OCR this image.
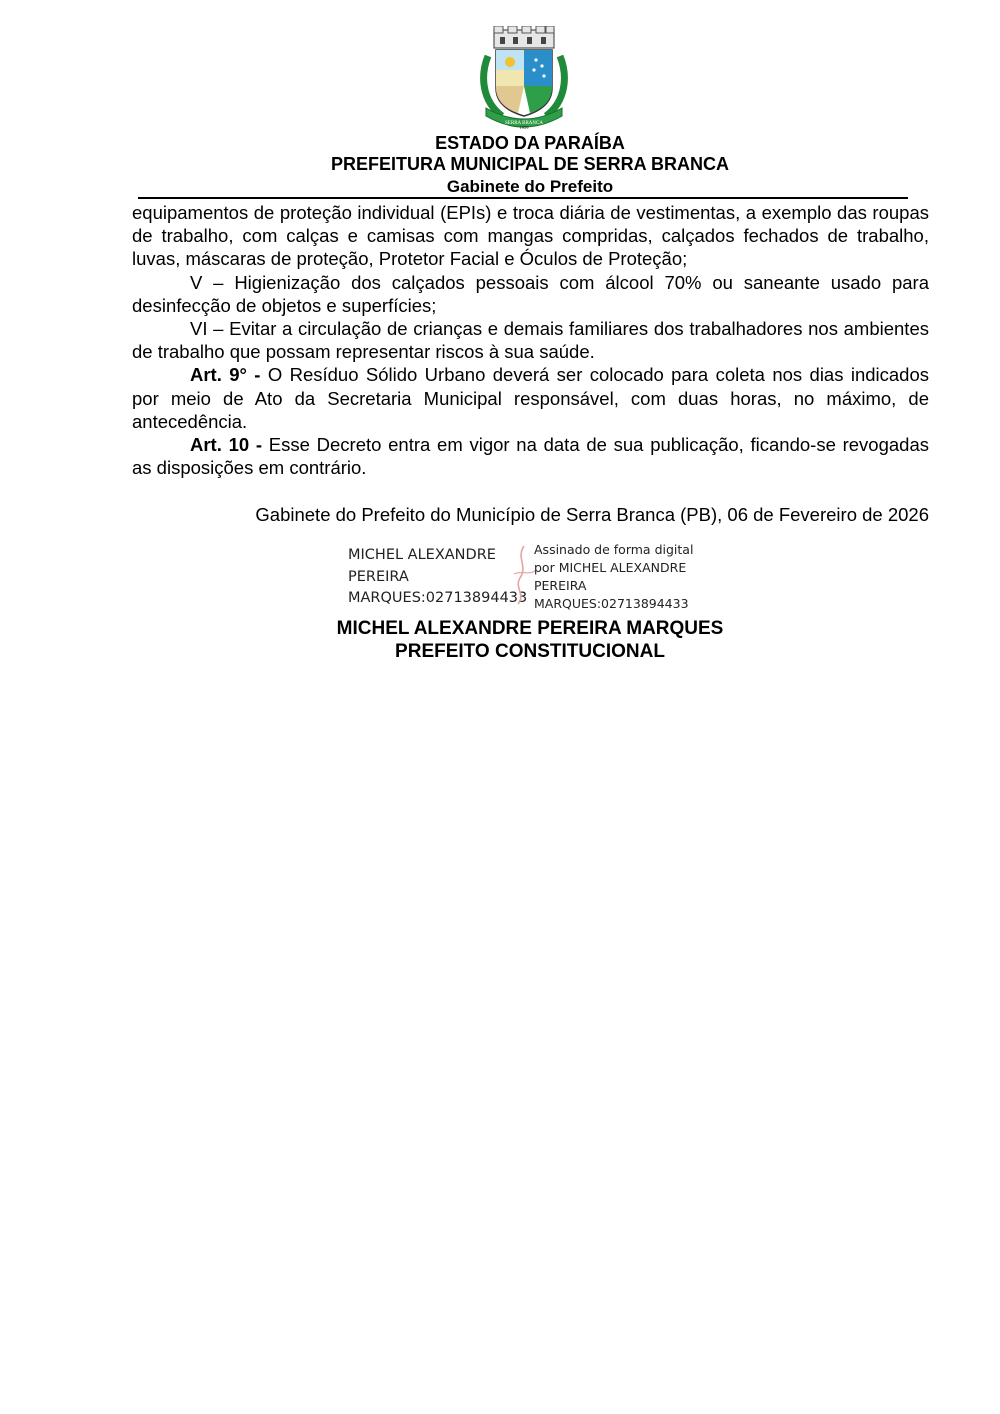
SERRA BRANCA
1959
ESTADO DA PARAÍBA
PREFEITURA MUNICIPAL DE SERRA BRANCA
Gabinete do Prefeito

equipamentos de proteção individual (EPIs) e troca diária de vestimentas, a exemplo das roupas de trabalho, com calças e camisas com mangas compridas, calçados fechados de trabalho, luvas, máscaras de proteção, Protetor Facial e Óculos de Proteção;

V – Higienização dos calçados pessoais com álcool 70% ou saneante usado para desinfecção de objetos e superfícies;

VI – Evitar a circulação de crianças e demais familiares dos trabalhadores nos ambientes de trabalho que possam representar riscos à sua saúde.

Art. 9° - O Resíduo Sólido Urbano deverá ser colocado para coleta nos dias indicados por meio de Ato da Secretaria Municipal responsável, com duas horas, no máximo, de antecedência.

Art. 10 - Esse Decreto entra em vigor na data de sua publicação, ficando-se revogadas as disposições em contrário.

Gabinete do Prefeito do Município de Serra Branca (PB), 06 de Fevereiro de 2026
MICHEL ALEXANDRE
PEREIRA
MARQUES:02713894433
Assinado de forma digital
por MICHEL ALEXANDRE
PEREIRA
MARQUES:02713894433
MICHEL ALEXANDRE PEREIRA MARQUES
PREFEITO CONSTITUCIONAL
